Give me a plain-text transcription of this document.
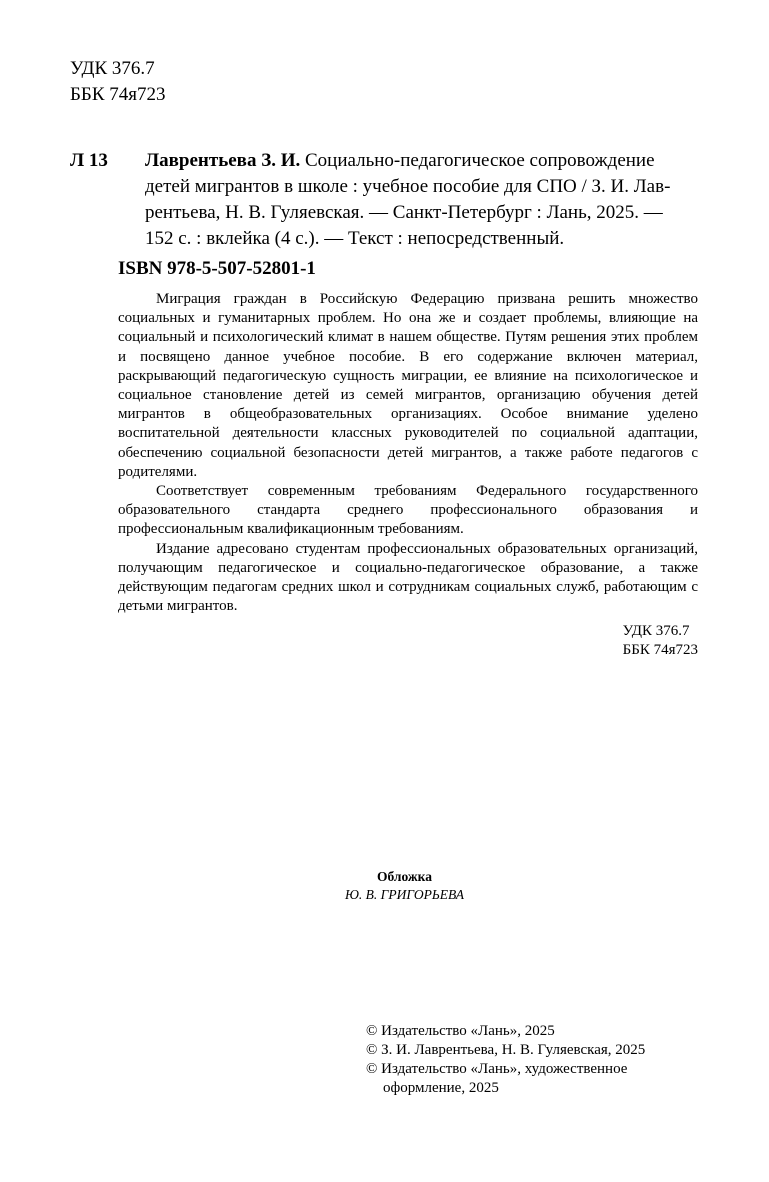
УДК 376.7
ББК 74я723
Л 13 Лаврентьева З. И. Социально-педагогическое сопровождение
детей мигрантов в школе : учебное пособие для СПО / З. И. Лав-
рентьева, Н. В. Гуляевская. — Санкт-Петербург : Лань, 2025. —
152 с. : вклейка (4 с.). — Текст : непосредственный.
ISBN 978-5-507-52801-1

Миграция граждан в Российскую Федерацию призвана решить множество социальных и гуманитарных проблем. Но она же и создает проблемы, влияющие на социальный и психологический климат в нашем обществе. Путям решения этих проблем и посвящено данное учебное пособие. В его содержание включен материал, раскрывающий педагогическую сущность миграции, ее влияние на психологическое и социальное становление детей из семей мигрантов, организацию обучения детей мигрантов в общеобразовательных организациях. Особое внимание уделено воспитательной деятельности классных руководителей по социальной адаптации, обеспечению социальной безопасности детей мигрантов, а также работе педагогов с родителями.

Соответствует современным требованиям Федерального государственного образовательного стандарта среднего профессионального образования и профессиональным квалификационным требованиям.

Издание адресовано студентам профессиональных образовательных организаций, получающим педагогическое и социально-педагогическое образование, а также действующим педагогам средних школ и сотрудникам социальных служб, работающим с детьми мигрантов.

УДК 376.7
ББК 74я723
Обложка
Ю. В. ГРИГОРЬЕВА
© Издательство «Лань», 2025
© З. И. Лаврентьева, Н. В. Гуляевская, 2025
© Издательство «Лань», художественное
оформление, 2025
